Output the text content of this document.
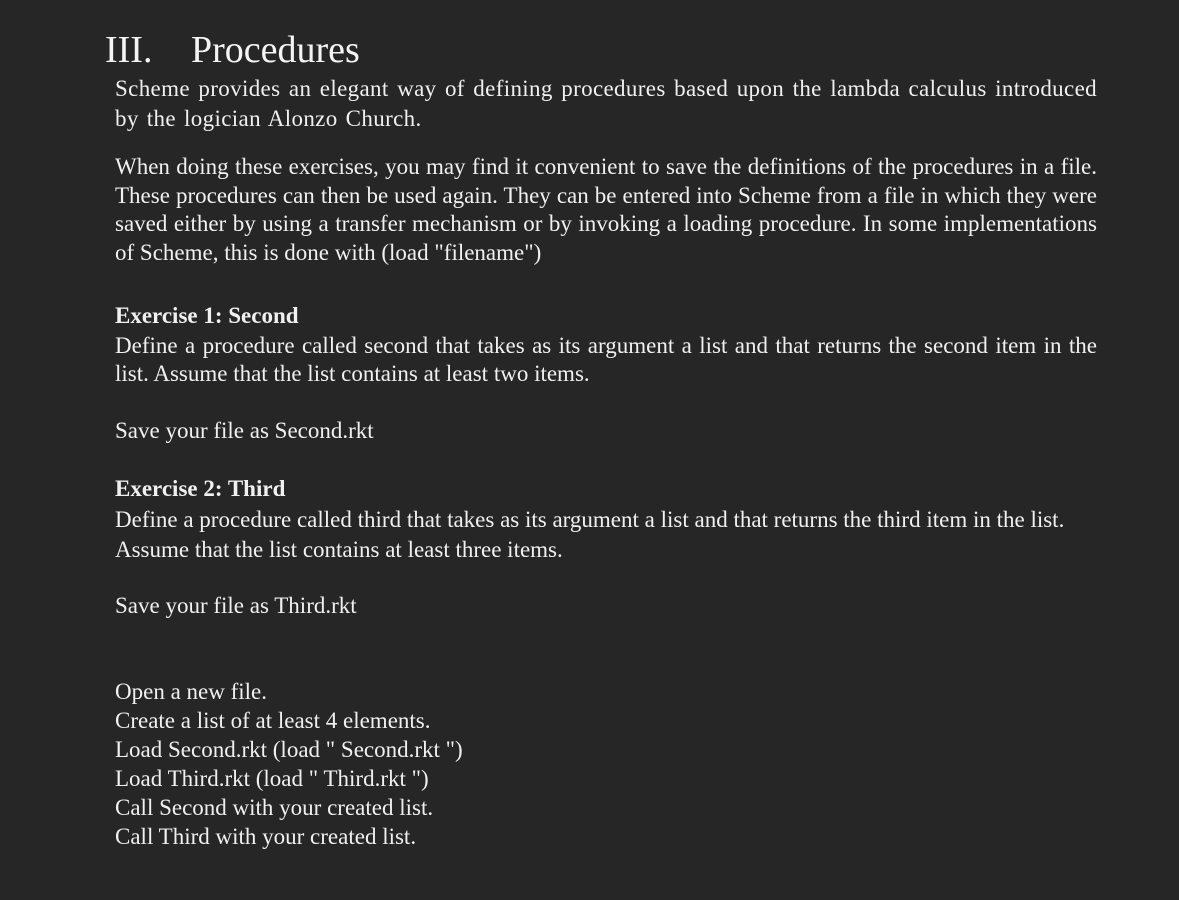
III. Procedures
Scheme provides an elegant way of defining procedures based upon the lambda calculus introduced by the logician Alonzo Church.
When doing these exercises, you may find it convenient to save the definitions of the procedures in a file. These procedures can then be used again. They can be entered into Scheme from a file in which they were saved either by using a transfer mechanism or by invoking a loading procedure. In some implementations of Scheme, this is done with (load "filename")
Exercise 1: Second
Define a procedure called second that takes as its argument a list and that returns the second item in the list. Assume that the list contains at least two items.
Save your file as Second.rkt
Exercise 2: Third
Define a procedure called third that takes as its argument a list and that returns the third item in the list. Assume that the list contains at least three items.
Save your file as Third.rkt
Open a new file.
Create a list of at least 4 elements.
Load Second.rkt (load " Second.rkt ")
Load Third.rkt (load " Third.rkt ")
Call Second with your created list.
Call Third with your created list.
